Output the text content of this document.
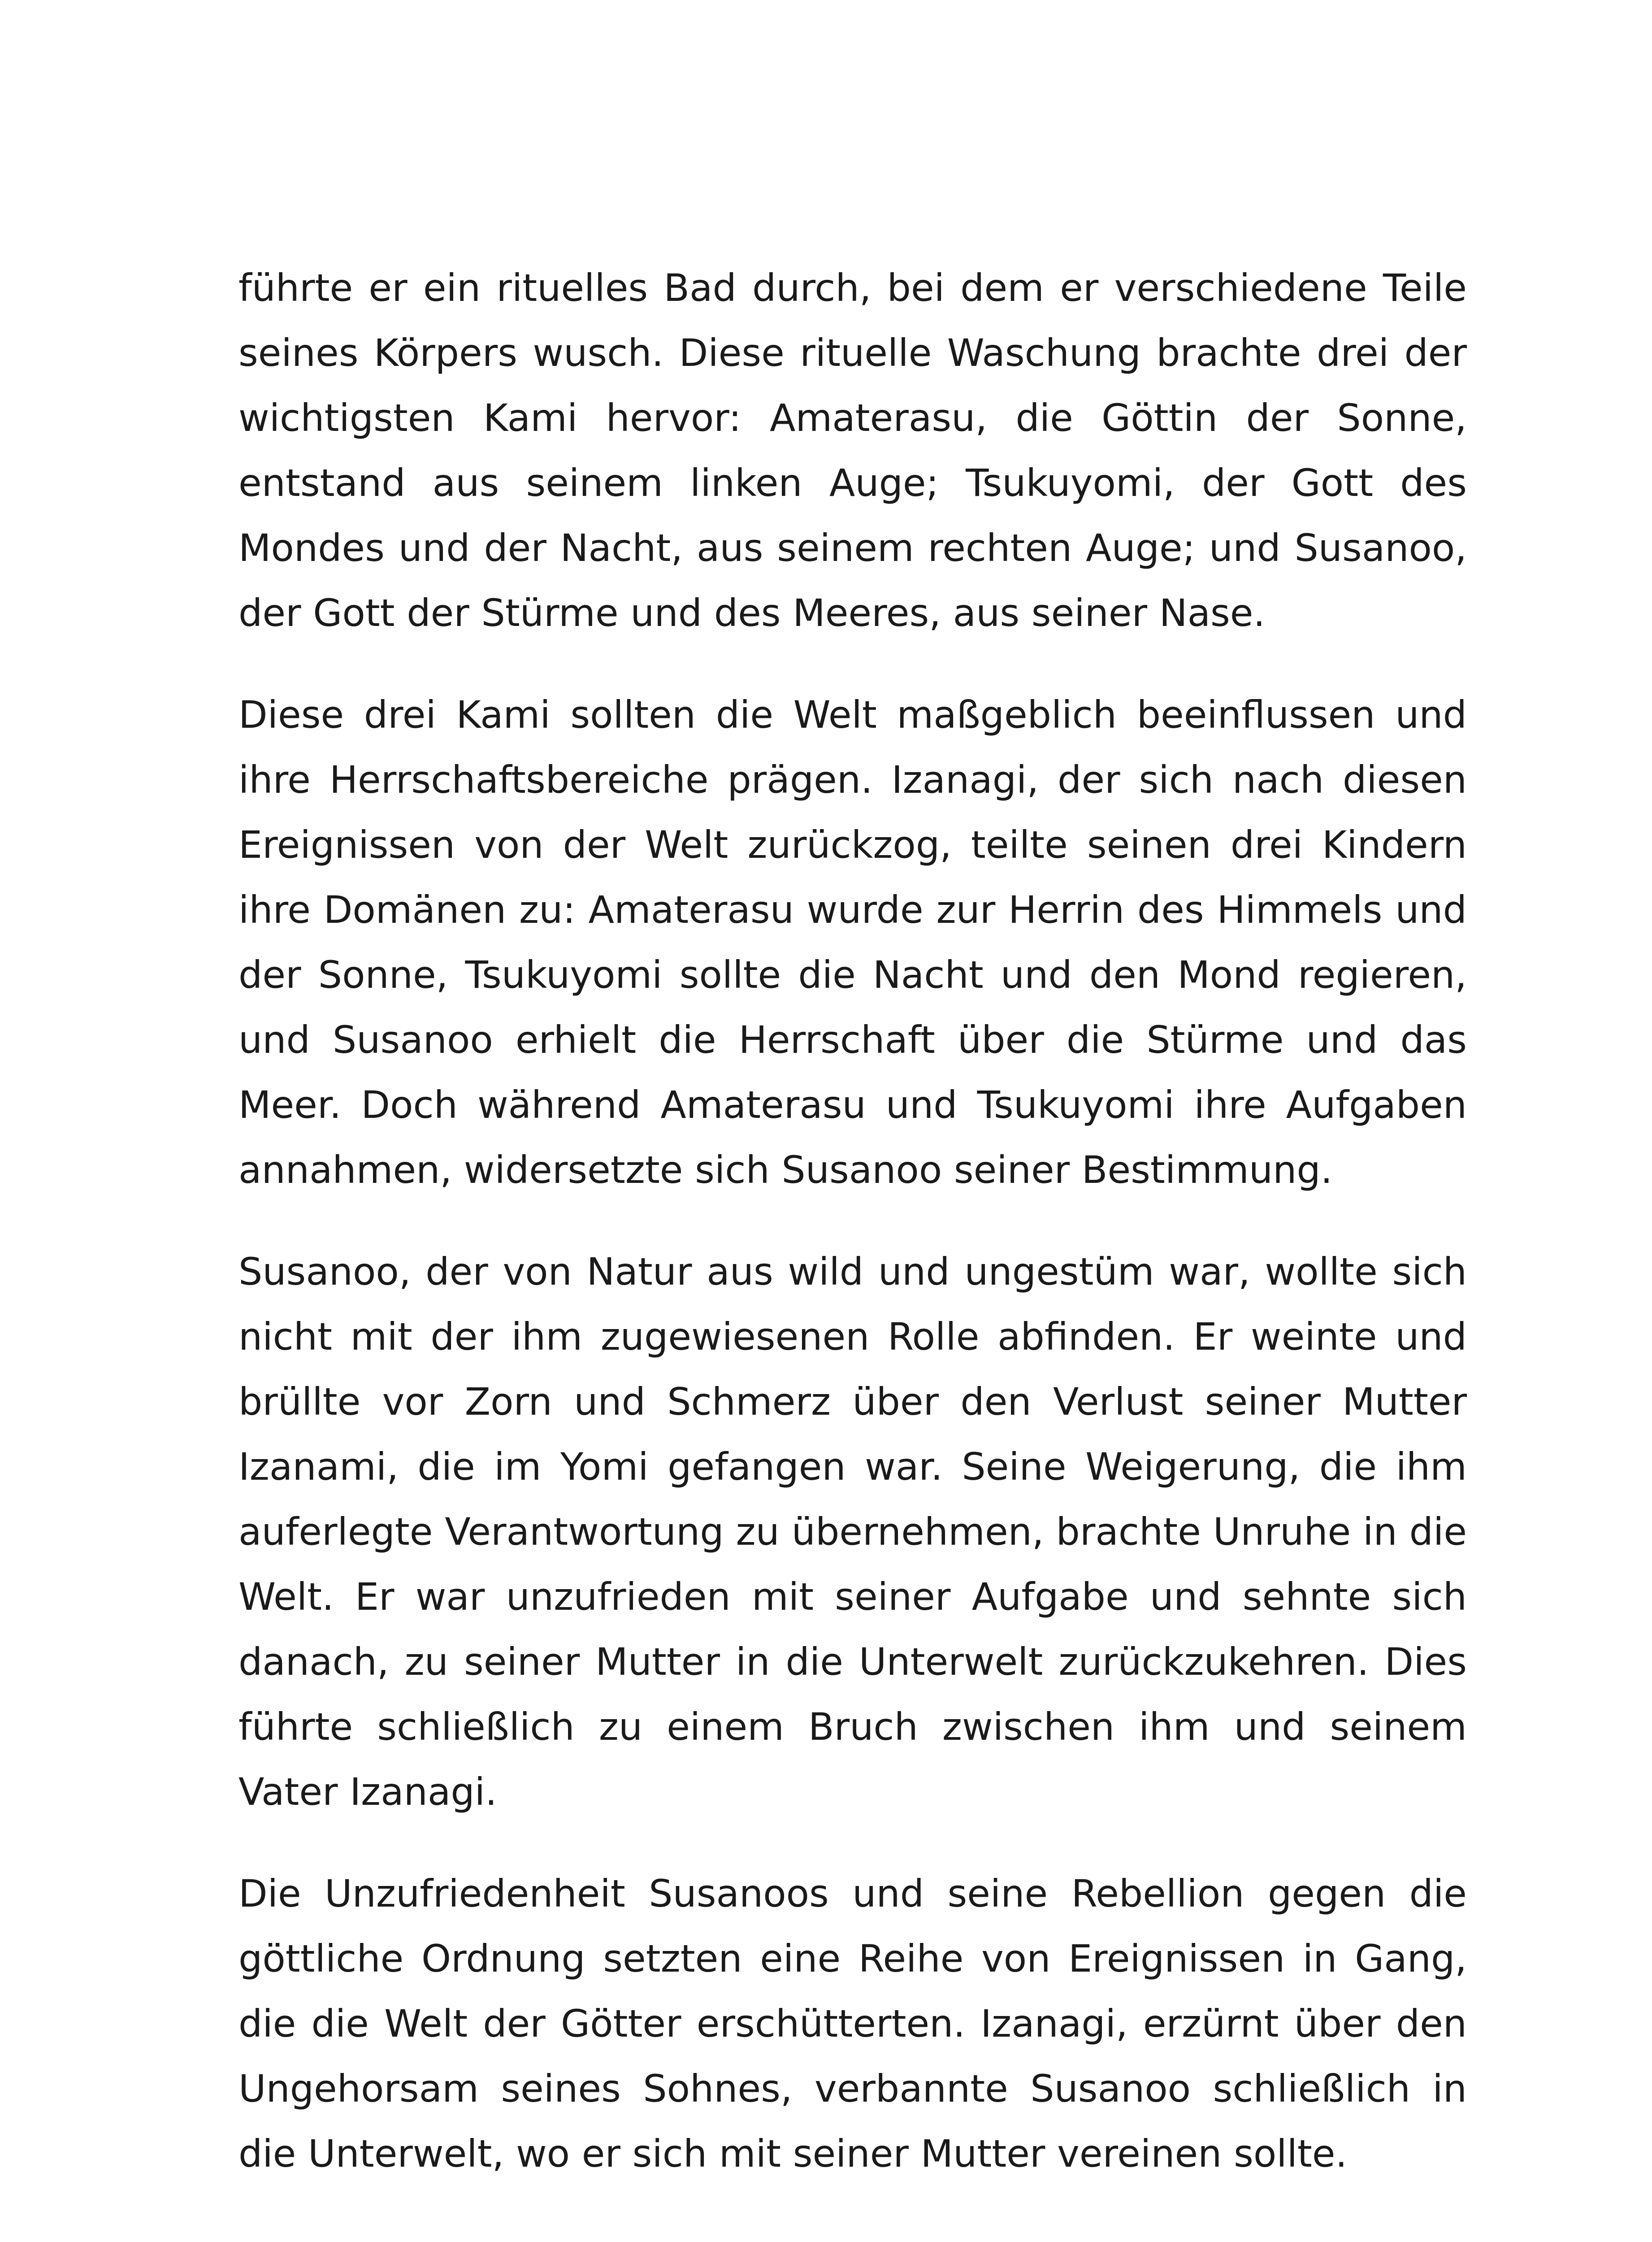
führte er ein rituelles Bad durch, bei dem er verschiedene Teile seines Körpers wusch. Diese rituelle Waschung brachte drei der wichtigsten Kami hervor: Amaterasu, die Göttin der Sonne, entstand aus seinem linken Auge; Tsukuyomi, der Gott des Mondes und der Nacht, aus seinem rechten Auge; und Susanoo, der Gott der Stürme und des Meeres, aus seiner Nase.

Diese drei Kami sollten die Welt maßgeblich beeinflussen und ihre Herrschaftsbereiche prägen. Izanagi, der sich nach diesen Ereignissen von der Welt zurückzog, teilte seinen drei Kindern ihre Domänen zu: Amaterasu wurde zur Herrin des Himmels und der Sonne, Tsukuyomi sollte die Nacht und den Mond regieren, und Susanoo erhielt die Herrschaft über die Stürme und das Meer. Doch während Amaterasu und Tsukuyomi ihre Aufgaben annahmen, widersetzte sich Susanoo seiner Bestimmung.

Susanoo, der von Natur aus wild und ungestüm war, wollte sich nicht mit der ihm zugewiesenen Rolle abfinden. Er weinte und brüllte vor Zorn und Schmerz über den Verlust seiner Mutter Izanami, die im Yomi gefangen war. Seine Weigerung, die ihm auferlegte Verantwortung zu übernehmen, brachte Unruhe in die Welt. Er war unzufrieden mit seiner Aufgabe und sehnte sich danach, zu seiner Mutter in die Unterwelt zurückzukehren. Dies führte schließlich zu einem Bruch zwischen ihm und seinem Vater Izanagi.

Die Unzufriedenheit Susanoos und seine Rebellion gegen die göttliche Ordnung setzten eine Reihe von Ereignissen in Gang, die die Welt der Götter erschütterten. Izanagi, erzürnt über den Ungehorsam seines Sohnes, verbannte Susanoo schließlich in die Unterwelt, wo er sich mit seiner Mutter vereinen sollte.
